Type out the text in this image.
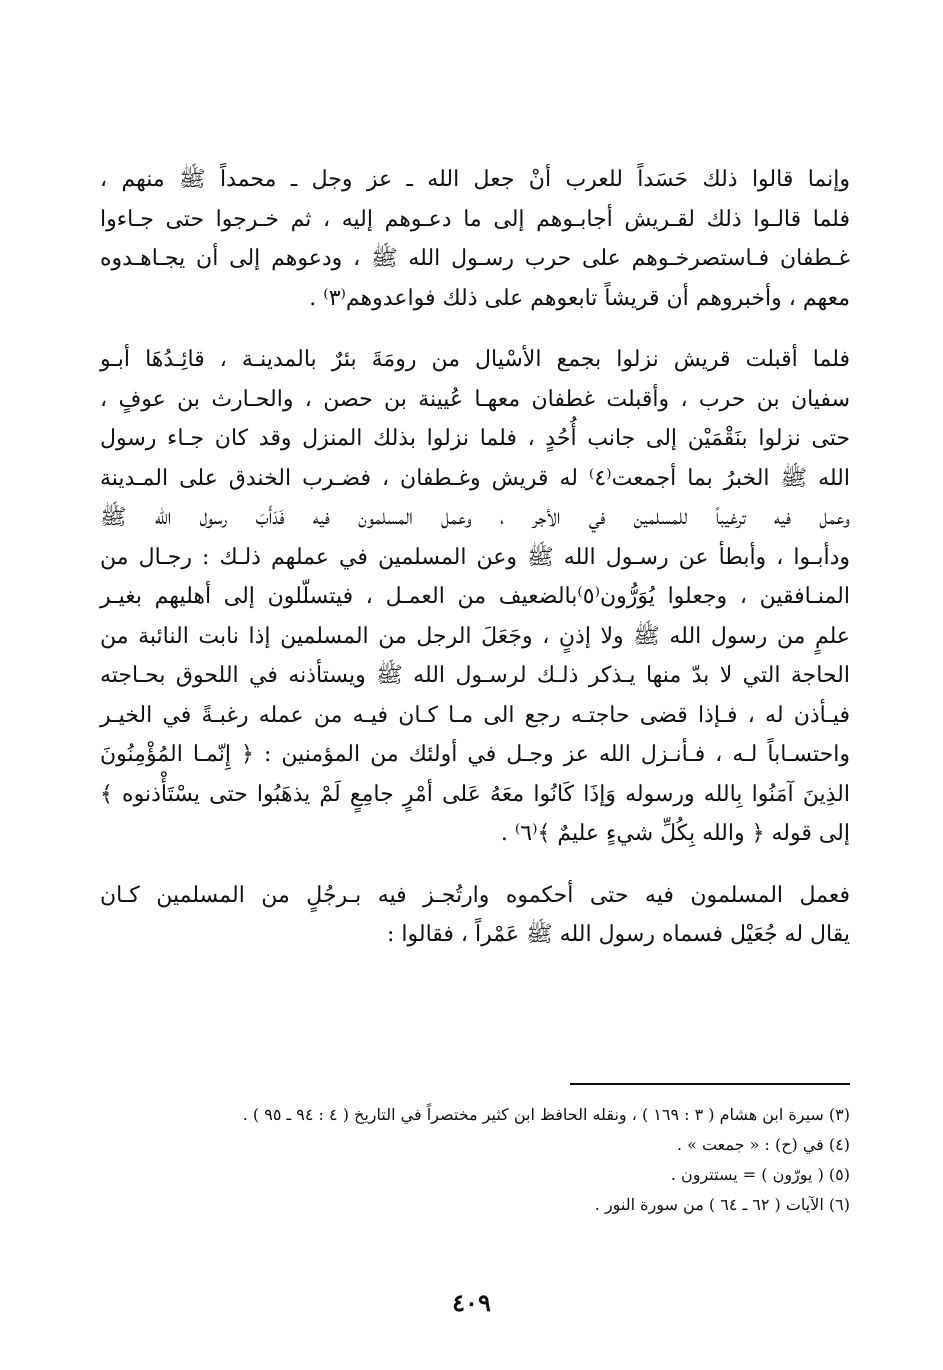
وإنما قالوا ذلك حَسَداً للعرب أنْ جعل الله ـ عز وجل ـ محمداً ﷺ منهم ،
فلما قالـوا ذلك لقـريش أجابـوهم إلى ما دعـوهم إليه ، ثم خـرجوا حتى جـاءوا
غـطفان فـاستصرخـوهم على حرب رسـول الله ﷺ ، ودعوهم إلى أن يجـاهـدوه
معهم ، وأخبروهم أن قريشاً تابعوهم على ذلك فواعدوهم⁽٣⁾ .
فلما أقبلت قريش نزلوا بجمع الأسْيال من رومَةَ بئرٌ بالمدينـة ، قائِـدُهَا أبـو
سفيان بن حرب ، وأقبلت غطفان معهـا عُيينة بن حصن ، والحـارث بن عوفٍ ،
حتى نزلوا بنَقْمَيْن إلى جانب أُحُدٍ ، فلما نزلوا بذلك المنزل وقد كان جـاء رسول
الله ﷺ الخبرُ بما أجمعت⁽٤⁾ له قريش وغـطفان ، فضـرب الخندق على المـدينة
وعمل فيه ترغيباً للمسلمين في الأجر ، وعمل المسلمون فيه فَدَأَبَ رسول الله ﷺ
ودأبـوا ، وأبطأ عن رسـول الله ﷺ وعن المسلمين في عملهم ذلـك : رجـال من
المنـافقين ، وجعلوا يُوَرُّون⁽٥⁾بالضعيف من العمـل ، فيتسلّلون إلى أهليهم بغيـر
علمٍ من رسول الله ﷺ ولا إذنٍ ، وجَعَلَ الرجل من المسلمين إذا نابت النائبة من
الحاجة التي لا بدّ منها يـذكر ذلـك لرسـول الله ﷺ ويستأذنه في اللحوق بحـاجته
فيـأذن له ، فـإذا قضى حاجتـه رجع الى مـا كـان فيـه من عمله رغبـةً في الخيـر
واحتسـاباً لـه ، فـأنـزل الله عز وجـل في أولئك من المؤمنين : ﴿ إِنّمـا المُؤْمِنُونَ
الذِينَ آمَنُوا بِالله ورسوله وَإذَا كَانُوا معَهُ عَلى أمْرٍ جامِعٍ لَمْ يذهَبُوا حتى يسْتَأْذنوه ﴾
إلى قوله ﴿ والله بِكُلِّ شيءٍ عليمٌ ﴾⁽٦⁾ .
فعمل المسلمون فيه حتى أحكموه وارتُجـز فيه بـرجُلٍ من المسلمين كـان
يقال له جُعَيْل فسماه رسول الله ﷺ عَمْراً ، فقالوا :
(٣) سيرة ابن هشام ( ٣ : ١٦٩ ) ، ونقله الحافظ ابن كثير مختصراً في التاريخ ( ٤ : ٩٤ ـ ٩٥ ) .
(٤) في (ح) : « جمعت » .
(٥) ( يورّون ) = يستترون .
(٦) الآيات ( ٦٢ ـ ٦٤ ) من سورة النور .
٤٠٩
